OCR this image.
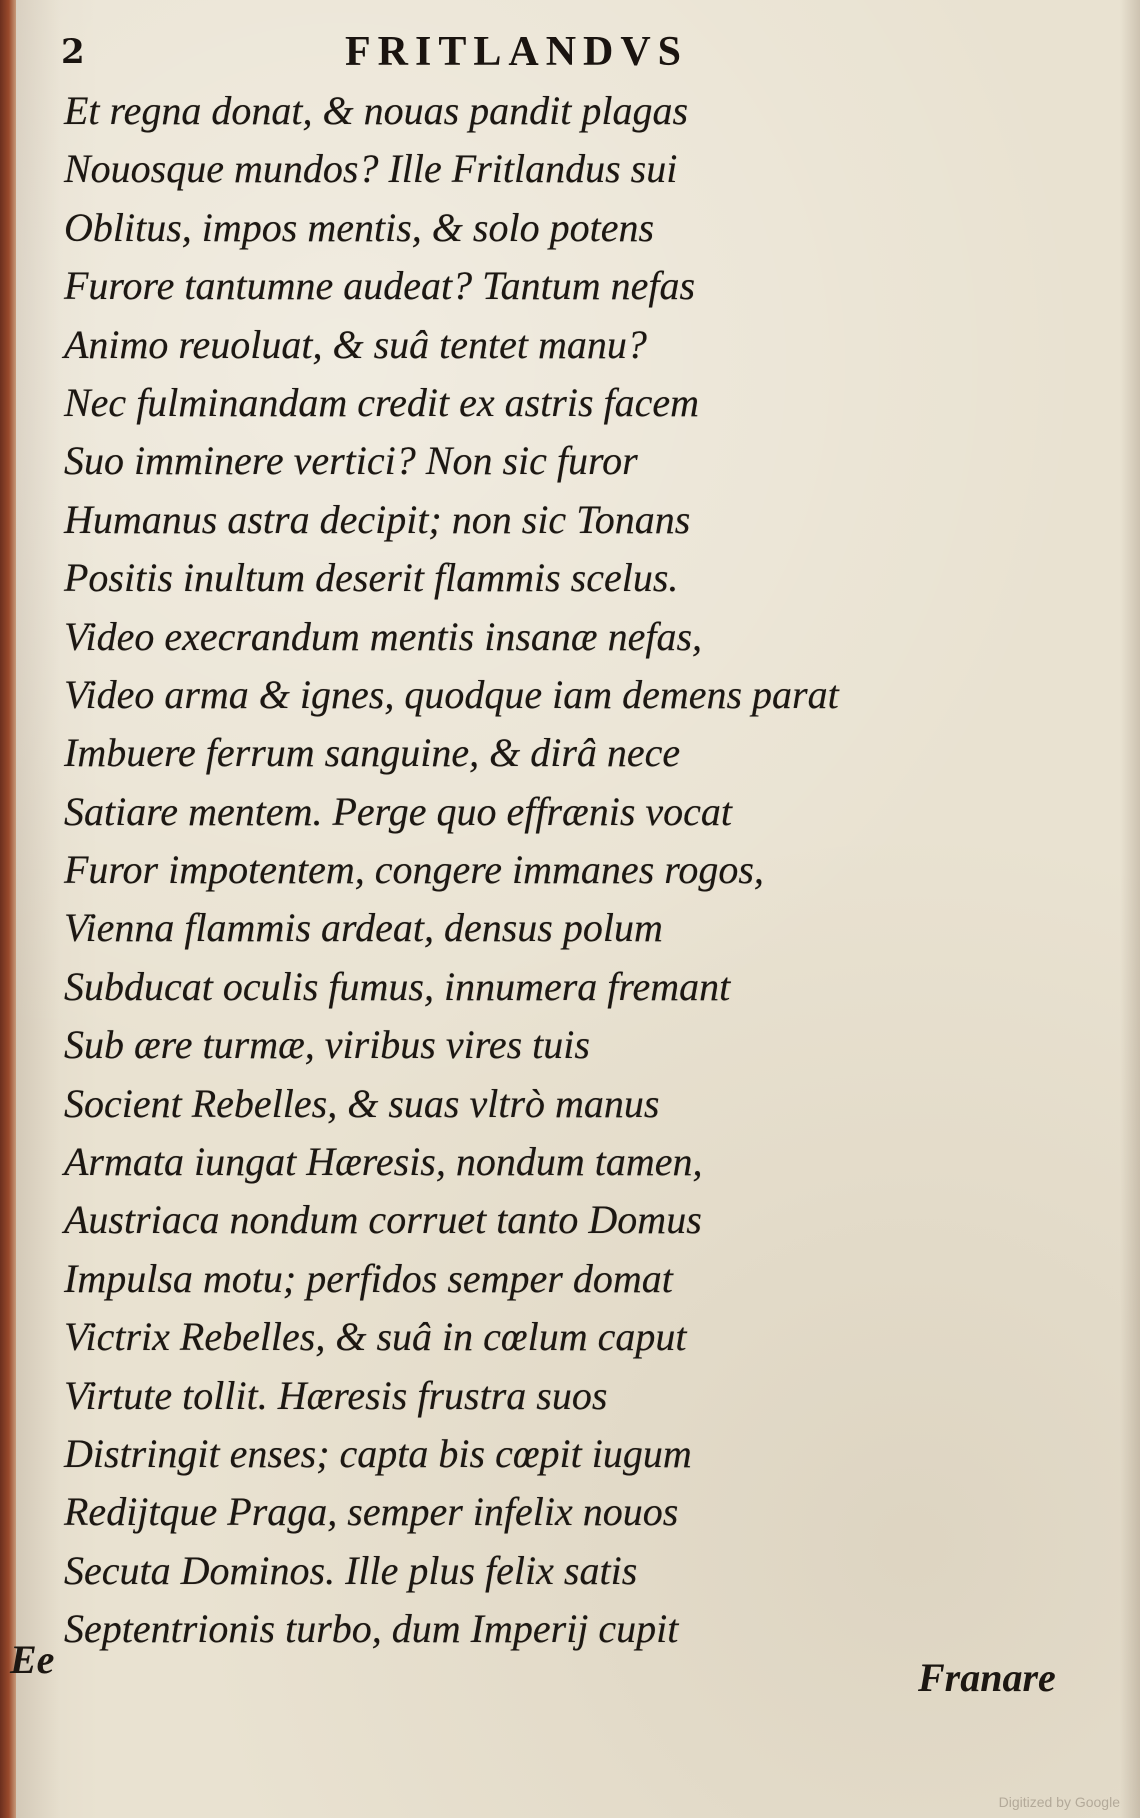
2	FRITLANDVS
Et regna donat, & nouas pandit plagas
Nouosque mundos? Ille Fritlandus sui
Oblitus, impos mentis, & solo potens
Furore tantumne audeat? Tantum nefas
Animo reuoluat, & suâ tentet manu?
Nec fulminandam credit ex astris facem
Suo imminere vertici? Non sic furor
Humanus astra decipit; non sic Tonans
Positis inultum deserit flammis scelus.
Video execrandum mentis insanæ nefas,
Video arma & ignes, quodque iam demens parat
Imbuere ferrum sanguine, & dirâ nece
Satiare mentem. Perge quo effrænis vocat
Furor impotentem, congere immanes rogos,
Vienna flammis ardeat, densus polum
Subducat oculis fumus, innumera fremant
Sub ære turmæ, viribus vires tuis
Socient Rebelles, & suas vltrò manus
Armata iungat Hæresis, nondum tamen,
Austriaca nondum corruet tanto Domus
Impulsa motu; perfidos semper domat
Victrix Rebelles, & suâ in cœlum caput
Virtute tollit. Hæresis frustra suos
Distringit enses; capta bis cœpit iugum
Redijtque Praga, semper infelix nouos
Secuta Dominos. Ille plus felix satis
Septentrionis turbo, dum Imperij cupit
Ee	Franare
Digitized by Google
